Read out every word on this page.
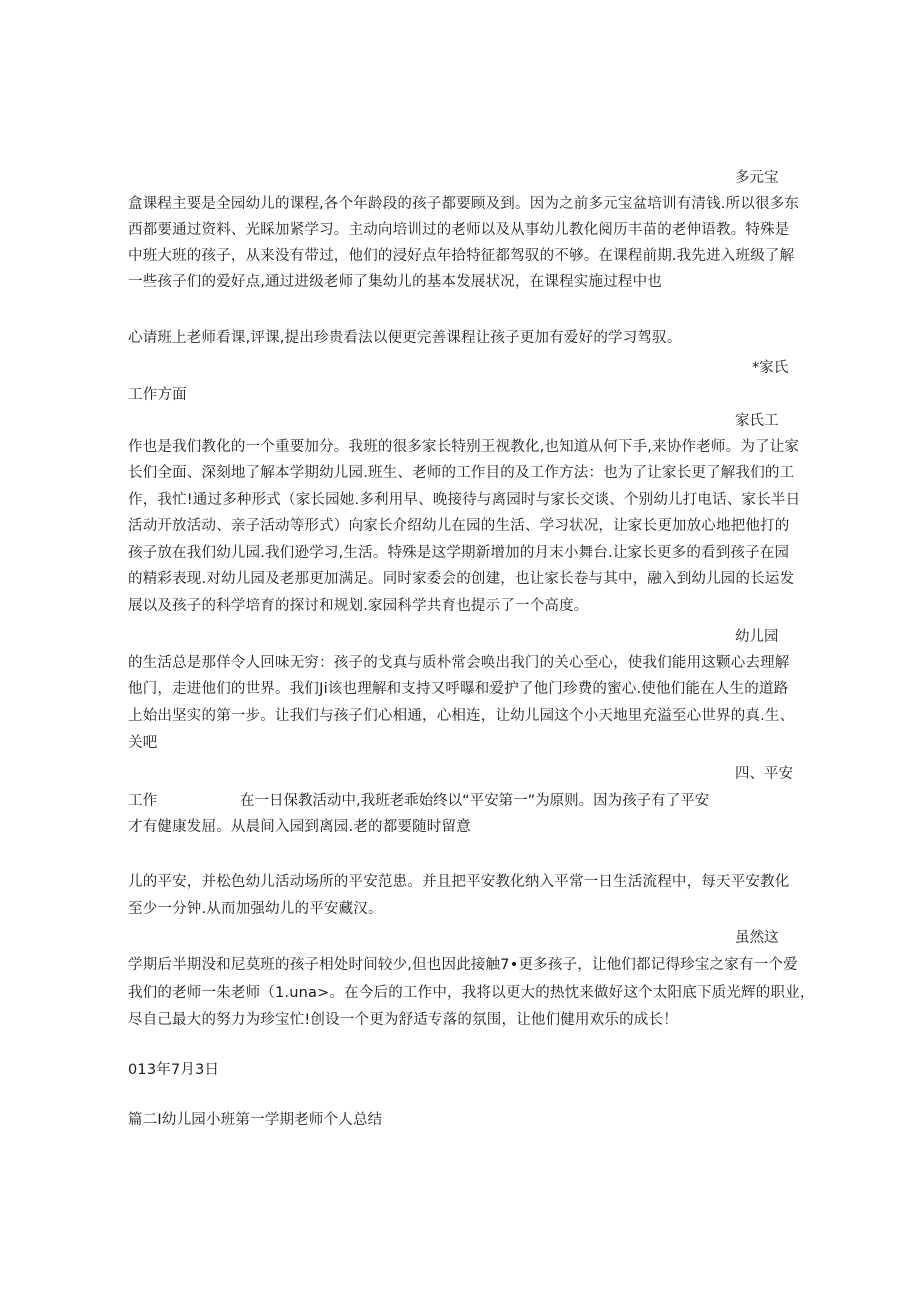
多元宝
盒课程主要是全园幼儿的课程,各个年龄段的孩子都要顾及到。因为之前多元宝盆培训有清钱.所以很多东
西都要通过资料、光睬加紧学习。主动向培训过的老师以及从事幼儿教化阅历丰苗的老伸语教。特殊是
中班大班的孩子，从来没有带过，他们的浸好点年拾特征都驾驭的不够。在课程前期.我先进入班级了解
一些孩子们的爱好点,通过进级老师了集幼儿的基本发展状况，在课程实施过程中也
心请班上老师看课,评课,提出珍贵看法以便更完善课程让孩子更加有爱好的学习驾驭。
*家氏
工作方面
家氏工
作也是我们教化的一个重要加分。我班的很多家长特别王视教化,也知道从何下手,来协作老师。为了让家
长们全面、深刻地了解本学期幼儿园.班生、老师的工作目的及工作方法：也为了让家长更了解我们的工
作，我忙!通过多种形式（家长园她.多利用早、晚接待与离园时与家长交谈、个别幼儿打电话、家长半日
活动开放活动、亲子活动等形式）向家长介绍幼儿在园的生活、学习状况，让家长更加放心地把他打的
孩子放在我们幼儿园.我们逊学习,生活。特殊是这学期新增加的月末小舞台.让家长更多的看到孩子在园
的精彩表现.对幼儿园及老那更加满足。同时家委会的创建，也让家长卷与其中，融入到幼儿园的长运发
展以及孩子的科学培育的探讨和规划.家园科学共育也提示了一个高度。
幼儿园
的生活总是那佯令人回味无穷：孩子的戈真与质朴常会唤出我门的关心至心，使我们能用这颗心去理解
他门，走进他们的世界。我们Ji该也理解和支持又呼曝和爱护了他门珍费的蜜心.使他们能在人生的道路
上始出坚实的第一步。让我们与孩子们心相通，心相连，让幼儿园这个小天地里充溢至心世界的真.生、
关吧
四、平安
工作	在一日保教活动中,我班老乖始终以“平安第一”为原则。因为孩子有了平安
才有健康发屈。从晨间入园到离园.老的都要随时留意
儿的平安，并松色幼儿活动场所的平安范患。并且把平安教化纳入平常一日生活流程中，每天平安教化
至少一分钟.从而加强幼儿的平安藏汉。
虽然这
学期后半期没和尼莫班的孩子相处时间较少,但也因此接触7•更多孩子，让他们都记得珍宝之家有一个爱
我们的老师一朱老师（1.una>。在今后的工作中，我将以更大的热忱来做好这个太阳底下质光辉的职业，
尽自己最大的努力为珍宝忙!创设一个更为舒适专落的氛围，让他们健用欢乐的成长！
013年7月3日
篇二I幼儿园小班第一学期老师个人总结
